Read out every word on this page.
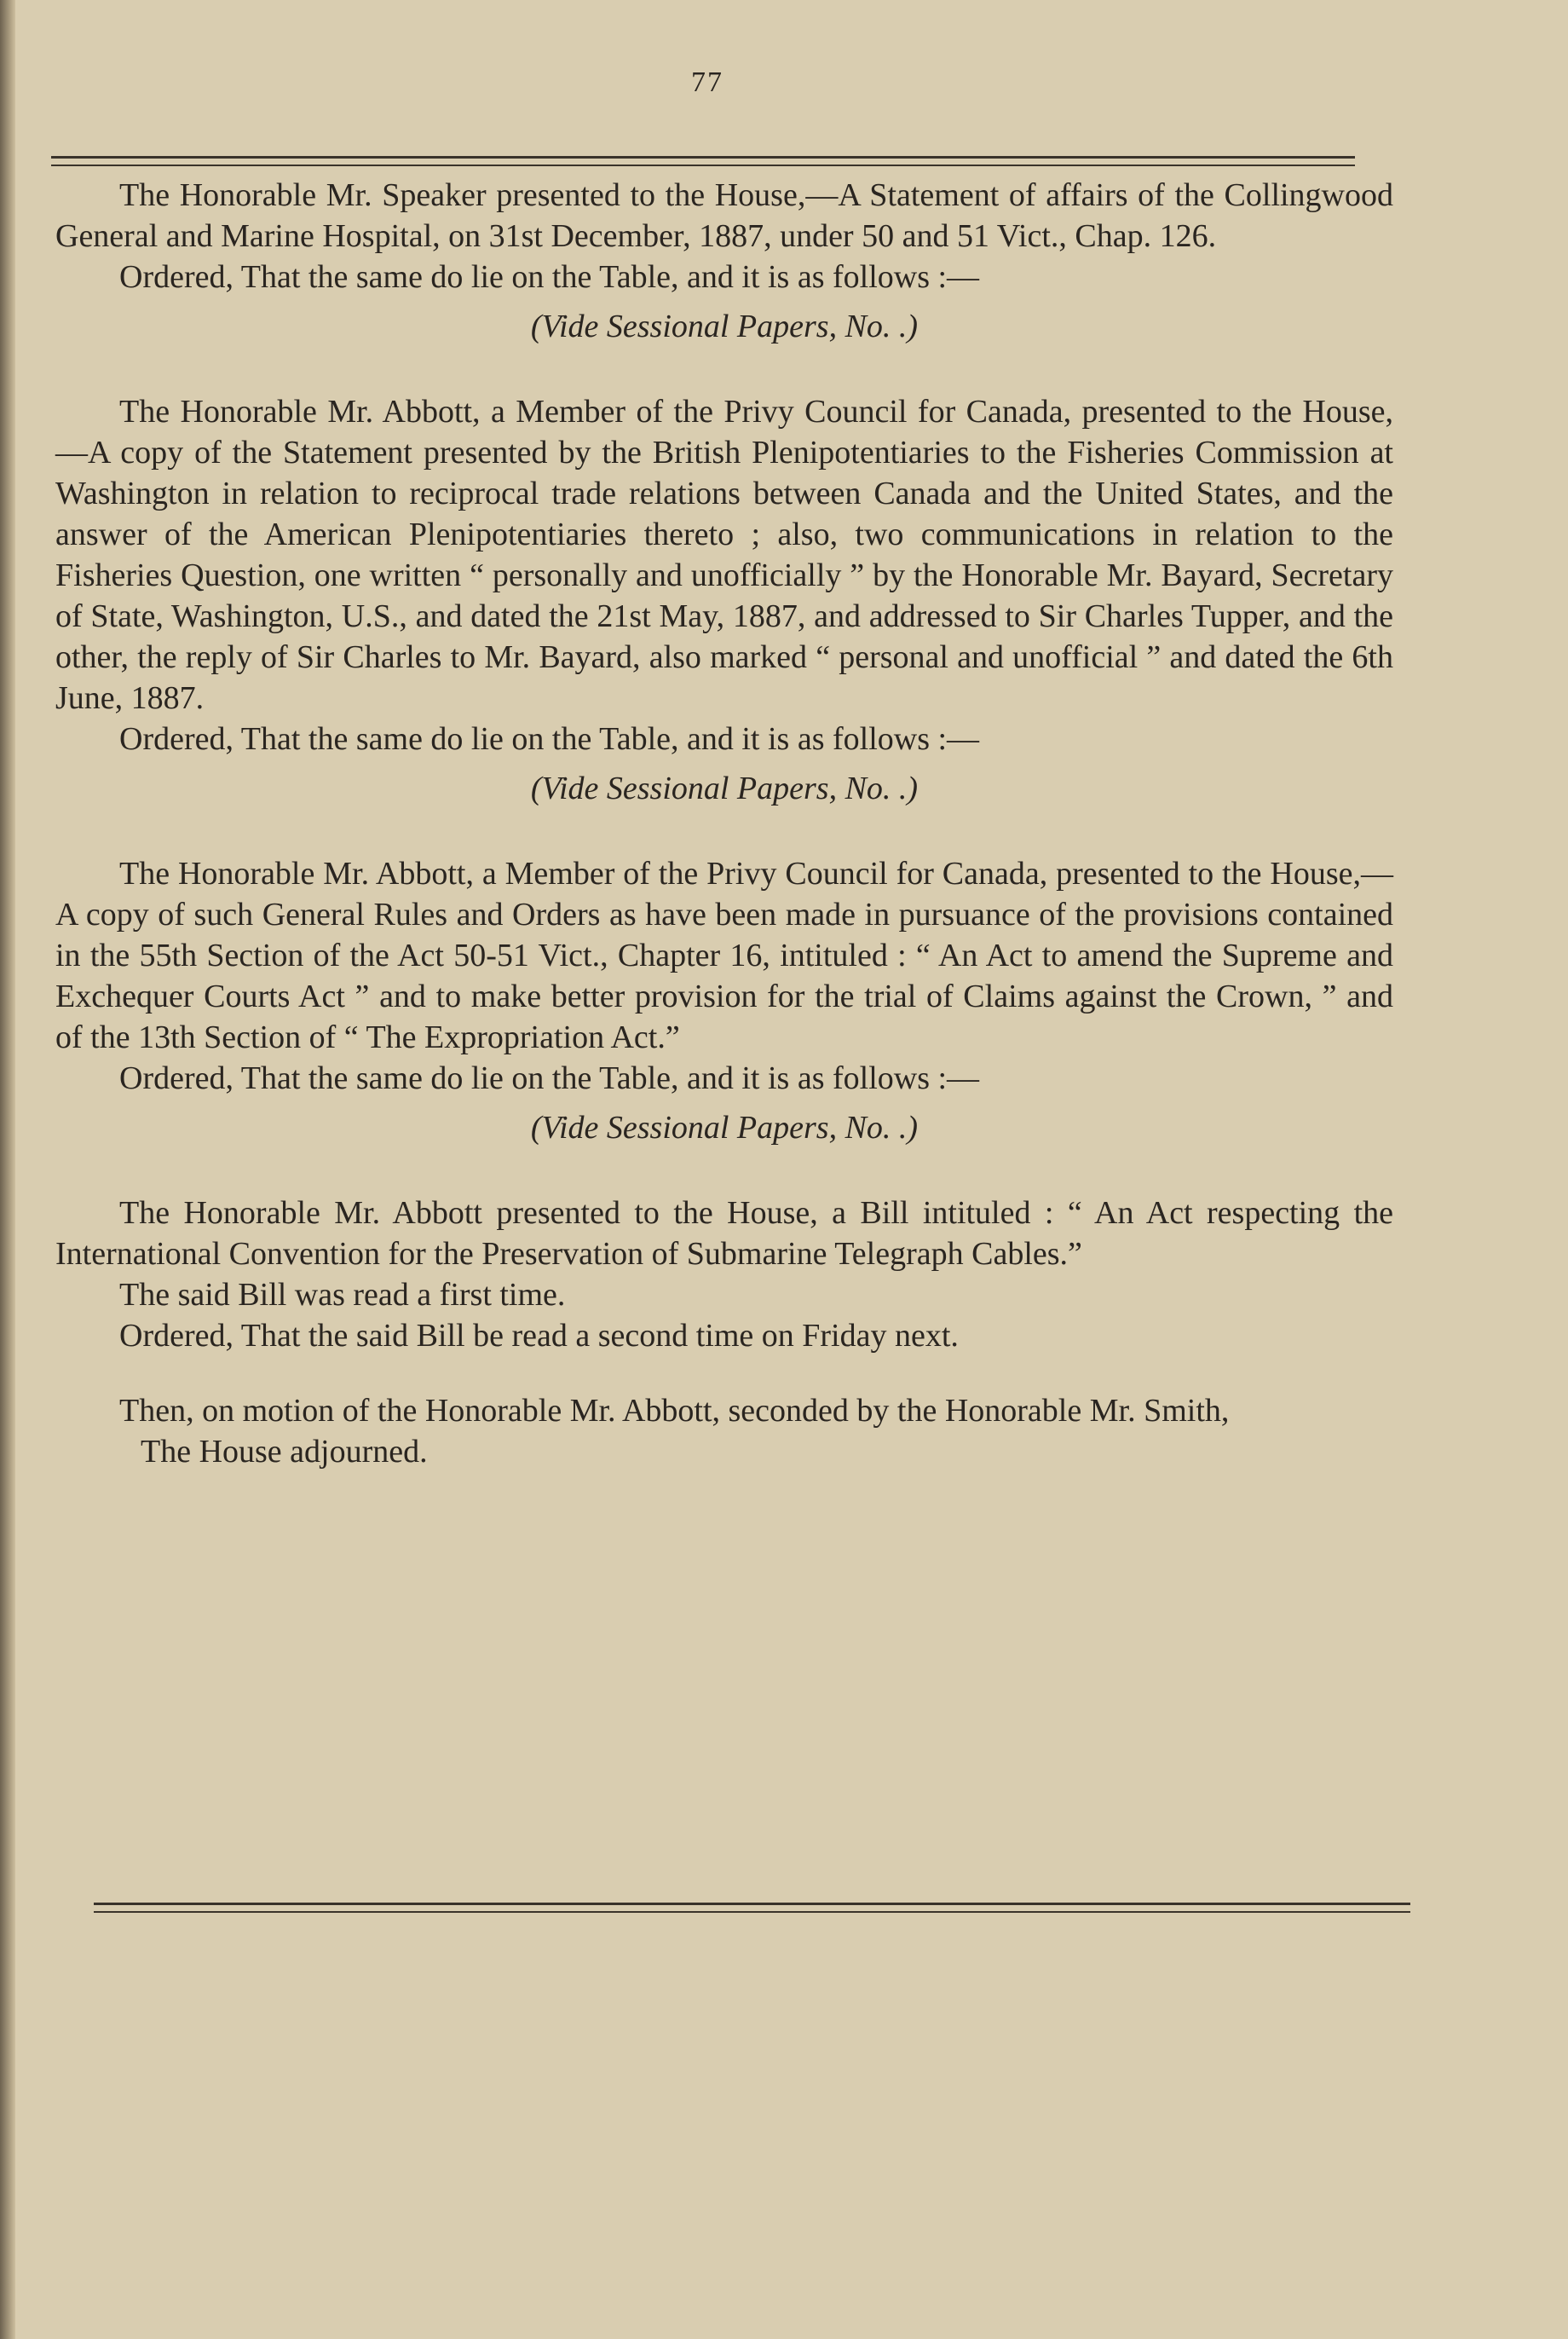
77

The Honorable Mr. Speaker presented to the House,—A Statement of affairs of the Collingwood General and Marine Hospital, on 31st December, 1887, under 50 and 51 Vict., Chap. 126.

Ordered, That the same do lie on the Table, and it is as follows :—

(Vide Sessional Papers, No. .)

The Honorable Mr. Abbott, a Member of the Privy Council for Canada, presented to the House, —A copy of the Statement presented by the British Plenipotentiaries to the Fisheries Commission at Washington in relation to reciprocal trade relations between Canada and the United States, and the answer of the American Plenipotentiaries thereto ; also, two communications in relation to the Fisheries Question, one written “ personally and unofficially ” by the Honorable Mr. Bayard, Secretary of State, Washington, U.S., and dated the 21st May, 1887, and addressed to Sir Charles Tupper, and the other, the reply of Sir Charles to Mr. Bayard, also marked “ personal and unofficial ” and dated the 6th June, 1887.

Ordered, That the same do lie on the Table, and it is as follows :—

(Vide Sessional Papers, No. .)

The Honorable Mr. Abbott, a Member of the Privy Council for Canada, presented to the House,—A copy of such General Rules and Orders as have been made in pursuance of the provisions contained in the 55th Section of the Act 50-51 Vict., Chapter 16, intituled : “ An Act to amend the Supreme and Exchequer Courts Act ” and to make better provision for the trial of Claims against the Crown, ” and of the 13th Section of “ The Expropriation Act.”

Ordered, That the same do lie on the Table, and it is as follows :—

(Vide Sessional Papers, No. .)

The Honorable Mr. Abbott presented to the House, a Bill intituled : “ An Act respecting the International Convention for the Preservation of Submarine Telegraph Cables.”

The said Bill was read a first time.

Ordered, That the said Bill be read a second time on Friday next.

Then, on motion of the Honorable Mr. Abbott, seconded by the Honorable Mr. Smith,

The House adjourned.
